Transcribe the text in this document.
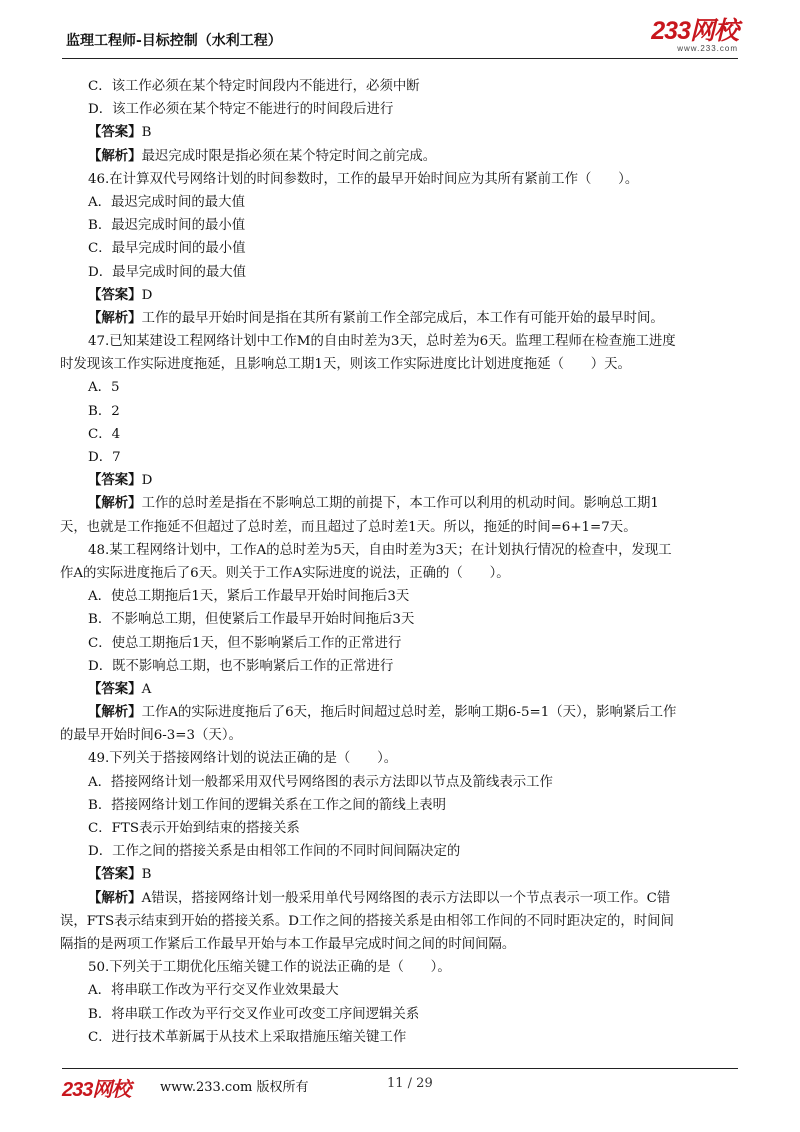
监理工程师-目标控制（水利工程）	233网校
www.233.com
C．该工作必须在某个特定时间段内不能进行，必须中断
D．该工作必须在某个特定不能进行的时间段后进行
【答案】B
【解析】最迟完成时限是指必须在某个特定时间之前完成。
46.在计算双代号网络计划的时间参数时，工作的最早开始时间应为其所有紧前工作（　　）。
A．最迟完成时间的最大值
B．最迟完成时间的最小值
C．最早完成时间的最小值
D．最早完成时间的最大值
【答案】D
【解析】工作的最早开始时间是指在其所有紧前工作全部完成后，本工作有可能开始的最早时间。
47.已知某建设工程网络计划中工作M的自由时差为3天，总时差为6天。监理工程师在检查施工进度
时发现该工作实际进度拖延，且影响总工期1天，则该工作实际进度比计划进度拖延（　　）天。
A．5
B．2
C．4
D．7
【答案】D
【解析】工作的总时差是指在不影响总工期的前提下，本工作可以利用的机动时间。影响总工期1
天，也就是工作拖延不但超过了总时差，而且超过了总时差1天。所以，拖延的时间=6+1=7天。
48.某工程网络计划中，工作A的总时差为5天，自由时差为3天；在计划执行情况的检查中，发现工
作A的实际进度拖后了6天。则关于工作A实际进度的说法，正确的（　　）。
A．使总工期拖后1天，紧后工作最早开始时间拖后3天
B．不影响总工期，但使紧后工作最早开始时间拖后3天
C．使总工期拖后1天，但不影响紧后工作的正常进行
D．既不影响总工期，也不影响紧后工作的正常进行
【答案】A
【解析】工作A的实际进度拖后了6天，拖后时间超过总时差，影响工期6-5=1（天），影响紧后工作
的最早开始时间6-3=3（天）。
49.下列关于搭接网络计划的说法正确的是（　　）。
A．搭接网络计划一般都采用双代号网络图的表示方法即以节点及箭线表示工作
B．搭接网络计划工作间的逻辑关系在工作之间的箭线上表明
C．FTS表示开始到结束的搭接关系
D．工作之间的搭接关系是由相邻工作间的不同时间间隔决定的
【答案】B
【解析】A错误，搭接网络计划一般采用单代号网络图的表示方法即以一个节点表示一项工作。C错
误，FTS表示结束到开始的搭接关系。D工作之间的搭接关系是由相邻工作间的不同时距决定的，时间间
隔指的是两项工作紧后工作最早开始与本工作最早完成时间之间的时间间隔。
50.下列关于工期优化压缩关键工作的说法正确的是（　　）。
A．将串联工作改为平行交叉作业效果最大
B．将串联工作改为平行交叉作业可改变工序间逻辑关系
C．进行技术革新属于从技术上采取措施压缩关键工作
233网校 www.233.com 版权所有	11 / 29
